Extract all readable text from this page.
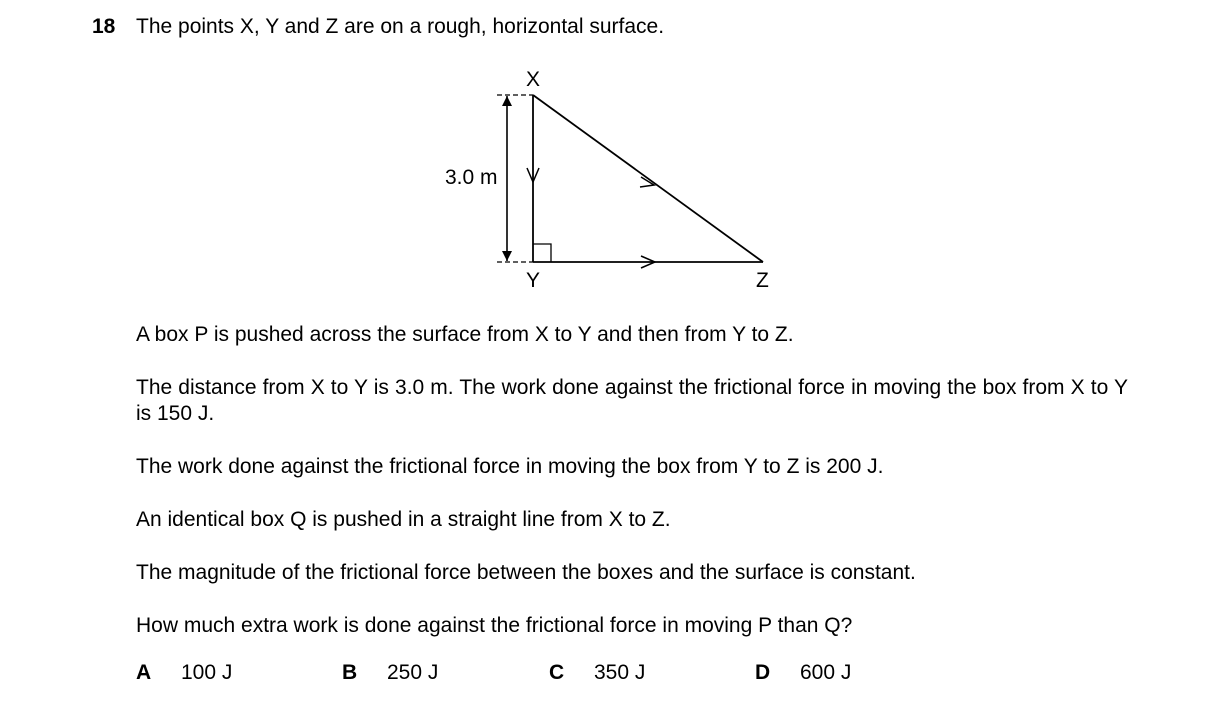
18 The points X, Y and Z are on a rough, horizontal surface.
X
Y	Z
3.0 m

A box P is pushed across the surface from X to Y and then from Y to Z.

The distance from X to Y is 3.0 m. The work done against the frictional force in moving the box from X to Y is 150 J.

The work done against the frictional force in moving the box from Y to Z is 200 J.

An identical box Q is pushed in a straight line from X to Z.

The magnitude of the frictional force between the boxes and the surface is constant.

How much extra work is done against the frictional force in moving P than Q?

A 100 J	B 250 J	C 350 J	D 600 J
